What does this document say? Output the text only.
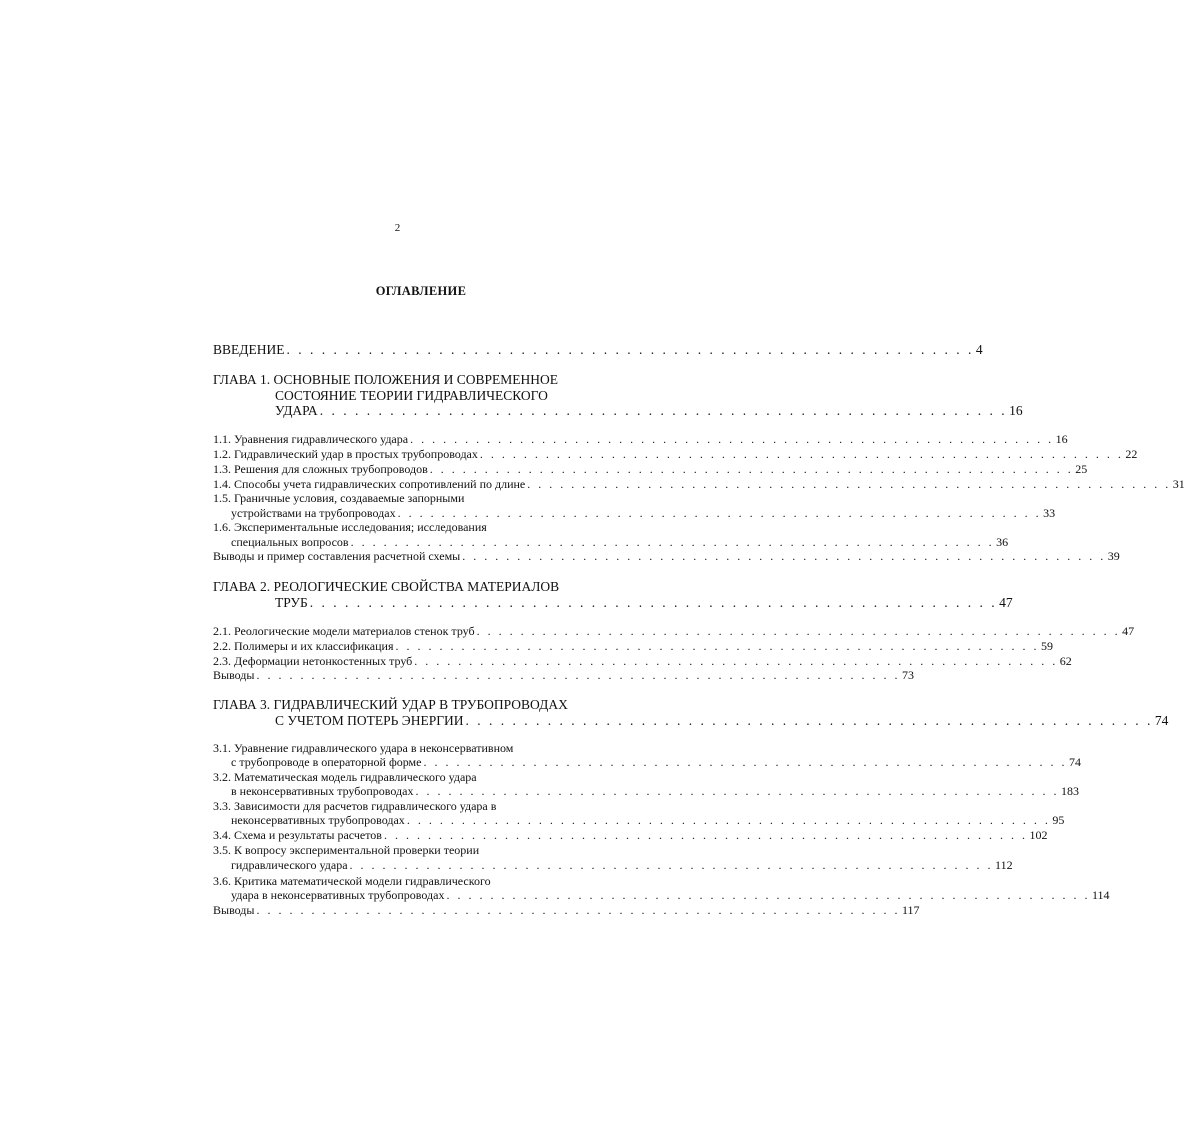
2
ОГЛАВЛЕНИЕ
ВВЕДЕНИЕ . . . . . . . . . . . . . . . . . . . . . . . . . . . . . . . . . . . . . . . . . . . . . . . . . . . . . . . . . . . 4
ГЛАВА 1. ОСНОВНЫЕ ПОЛОЖЕНИЯ И СОВРЕМЕННОЕ
СОСТОЯНИЕ ТЕОРИИ ГИДРАВЛИЧЕСКОГО
УДАРА . . . . . . . . . . . . . . . . . . . . . . . . . . . . . . . . . . . . . . . . . . . . . . . . . . . . . . . . . . . 16
1.1. Уравнения гидравлического удара . . . . . . . . . . . . . . . . . . . . . . . . . . . . . . . . . . . . . . . . . . . . . . . . . . . . . . . . . . . 16
1.2. Гидравлический удар в простых трубопроводах . . . . . . . . . . . . . . . . . . . . . . . . . . . . . . . . . . . . . . . . . . . . . . . . . . . . . . . . . . . 22
1.3. Решения для сложных трубопроводов . . . . . . . . . . . . . . . . . . . . . . . . . . . . . . . . . . . . . . . . . . . . . . . . . . . . . . . . . . . 25
1.4. Способы учета гидравлических сопротивлений по длине . . . . . . . . . . . . . . . . . . . . . . . . . . . . . . . . . . . . . . . . . . . . . . . . . . . . . . . . . . . 31
1.5. Граничные условия, создаваемые запорными
устройствами на трубопроводах . . . . . . . . . . . . . . . . . . . . . . . . . . . . . . . . . . . . . . . . . . . . . . . . . . . . . . . . . . . 33
1.6. Экспериментальные исследования; исследования
специальных вопросов . . . . . . . . . . . . . . . . . . . . . . . . . . . . . . . . . . . . . . . . . . . . . . . . . . . . . . . . . . . 36
Выводы и пример составления расчетной схемы . . . . . . . . . . . . . . . . . . . . . . . . . . . . . . . . . . . . . . . . . . . . . . . . . . . . . . . . . . . 39
ГЛАВА 2. РЕОЛОГИЧЕСКИЕ СВОЙСТВА МАТЕРИАЛОВ
ТРУБ . . . . . . . . . . . . . . . . . . . . . . . . . . . . . . . . . . . . . . . . . . . . . . . . . . . . . . . . . . . 47
2.1. Реологические модели материалов стенок труб . . . . . . . . . . . . . . . . . . . . . . . . . . . . . . . . . . . . . . . . . . . . . . . . . . . . . . . . . . . 47
2.2. Полимеры и их классификация . . . . . . . . . . . . . . . . . . . . . . . . . . . . . . . . . . . . . . . . . . . . . . . . . . . . . . . . . . . 59
2.3. Деформации нетонкостенных труб . . . . . . . . . . . . . . . . . . . . . . . . . . . . . . . . . . . . . . . . . . . . . . . . . . . . . . . . . . . 62
Выводы . . . . . . . . . . . . . . . . . . . . . . . . . . . . . . . . . . . . . . . . . . . . . . . . . . . . . . . . . . . 73
ГЛАВА 3. ГИДРАВЛИЧЕСКИЙ УДАР В ТРУБОПРОВОДАХ
С УЧЕТОМ ПОТЕРЬ ЭНЕРГИИ . . . . . . . . . . . . . . . . . . . . . . . . . . . . . . . . . . . . . . . . . . . . . . . . . . . . . . . . . . . 74
3.1. Уравнение гидравлического удара в неконсервативном
с трубопроводе в операторной форме . . . . . . . . . . . . . . . . . . . . . . . . . . . . . . . . . . . . . . . . . . . . . . . . . . . . . . . . . . . 74
3.2. Математическая модель гидравлического удара
в неконсервативных трубопроводах . . . . . . . . . . . . . . . . . . . . . . . . . . . . . . . . . . . . . . . . . . . . . . . . . . . . . . . . . . . 183
3.3. Зависимости для расчетов гидравлического удара в
неконсервативных трубопроводах . . . . . . . . . . . . . . . . . . . . . . . . . . . . . . . . . . . . . . . . . . . . . . . . . . . . . . . . . . . 95
3.4. Схема и результаты расчетов . . . . . . . . . . . . . . . . . . . . . . . . . . . . . . . . . . . . . . . . . . . . . . . . . . . . . . . . . . . 102
3.5. К вопросу экспериментальной проверки теории
гидравлического удара . . . . . . . . . . . . . . . . . . . . . . . . . . . . . . . . . . . . . . . . . . . . . . . . . . . . . . . . . . . 112
3.6. Критика математической модели гидравлического
удара в неконсервативных трубопроводах . . . . . . . . . . . . . . . . . . . . . . . . . . . . . . . . . . . . . . . . . . . . . . . . . . . . . . . . . . . 114
Выводы . . . . . . . . . . . . . . . . . . . . . . . . . . . . . . . . . . . . . . . . . . . . . . . . . . . . . . . . . . . 117
